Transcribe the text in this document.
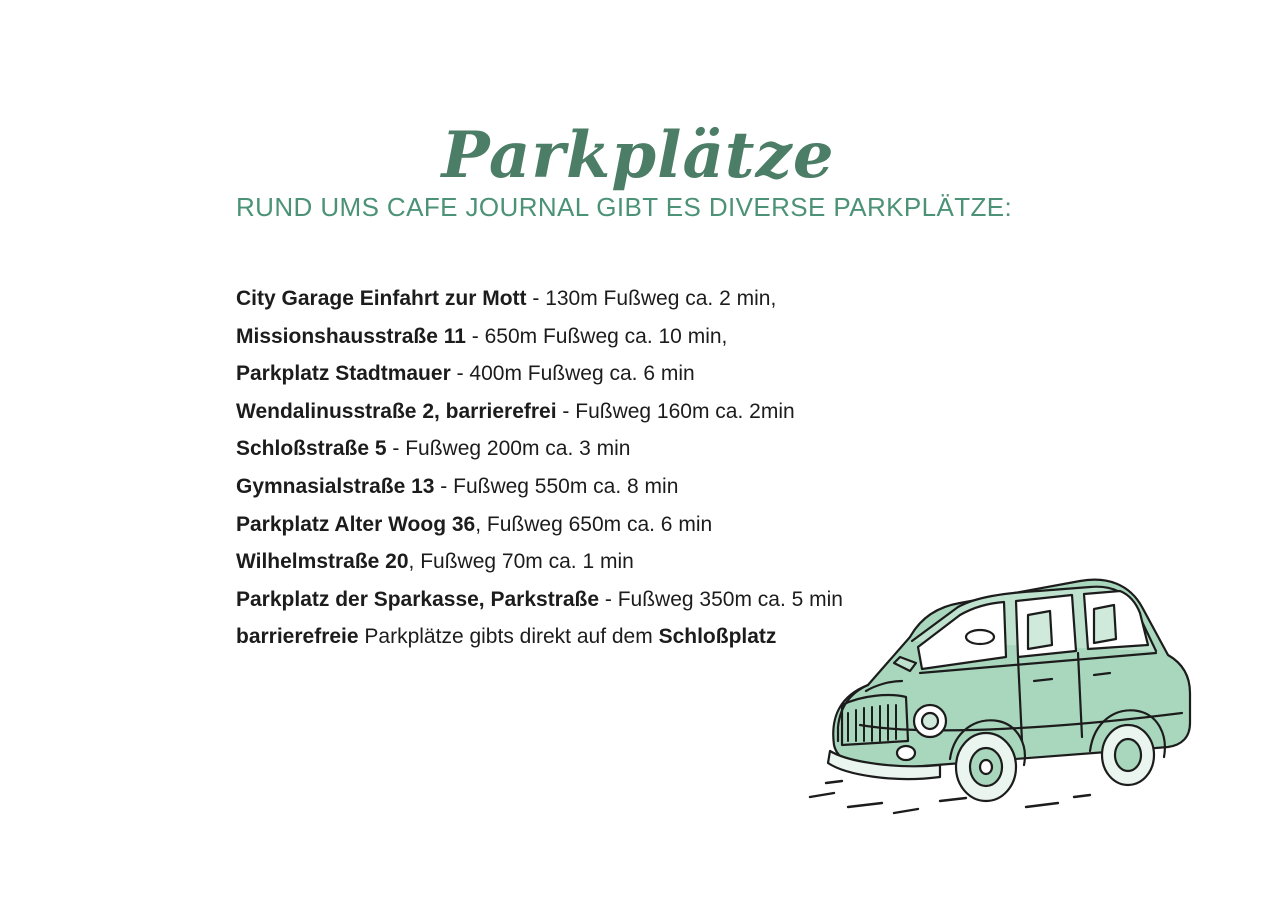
Parkplätze
RUND UMS CAFE JOURNAL GIBT ES DIVERSE PARKPLÄTZE:
City Garage Einfahrt zur Mott - 130m Fußweg ca. 2 min,
Missionshausstraße 11 - 650m Fußweg ca. 10 min,
Parkplatz Stadtmauer - 400m Fußweg ca. 6 min
Wendalinusstraße 2, barrierefrei - Fußweg 160m ca. 2min
Schloßstraße 5 - Fußweg 200m ca. 3 min
Gymnasialstraße 13 - Fußweg 550m ca. 8 min
Parkplatz Alter Woog 36, Fußweg 650m ca. 6 min
Wilhelmstraße 20, Fußweg 70m ca. 1 min
Parkplatz der Sparkasse, Parkstraße - Fußweg 350m ca. 5 min
barrierefreie Parkplätze gibts direkt auf dem Schloßplatz
